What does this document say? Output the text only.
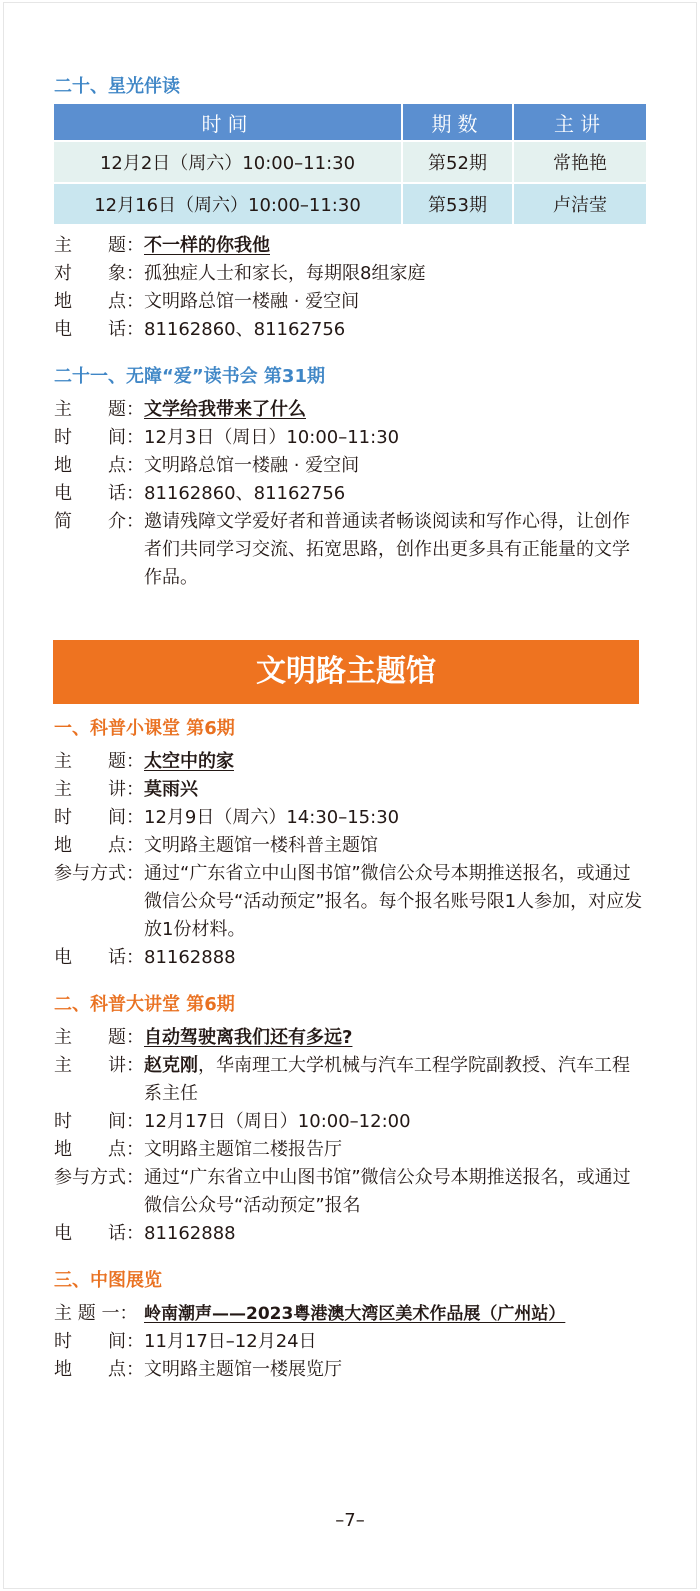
二十、星光伴读
时间	期数	主讲
12月2日（周六）10:00–11:30	第52期	常艳艳
12月16日（周六）10:00–11:30	第53期	卢洁莹
主 题： 不一样的你我他
对 象： 孤独症人士和家长，每期限8组家庭
地 点： 文明路总馆一楼融 · 爱空间
电 话： 81162860、81162756
二十一、无障“爱”读书会 第31期
主 题： 文学给我带来了什么
时 间： 12月3日（周日）10:00–11:30
地 点： 文明路总馆一楼融 · 爱空间
电 话： 81162860、81162756
简 介： 邀请残障文学爱好者和普通读者畅谈阅读和写作心得，让创作者们共同学习交流、拓宽思路，创作出更多具有正能量的文学作品。
文明路主题馆
一、科普小课堂 第6期
主 题： 太空中的家
主 讲： 莫雨兴
时 间： 12月9日（周六）14:30–15:30
地 点： 文明路主题馆一楼科普主题馆
参与方式： 通过“广东省立中山图书馆”微信公众号本期推送报名，或通过微信公众号“活动预定”报名。每个报名账号限1人参加，对应发放1份材料。
电 话： 81162888
二、科普大讲堂 第6期
主 题： 自动驾驶离我们还有多远?
主 讲： 赵克刚，华南理工大学机械与汽车工程学院副教授、汽车工程系主任
时 间： 12月17日（周日）10:00–12:00
地 点： 文明路主题馆二楼报告厅
参与方式： 通过“广东省立中山图书馆”微信公众号本期推送报名，或通过微信公众号“活动预定”报名
电 话： 81162888
三、中图展览
主 题 一： 岭南潮声——2023粤港澳大湾区美术作品展（广州站）
时 间： 11月17日–12月24日
地 点： 文明路主题馆一楼展览厅
–7–
